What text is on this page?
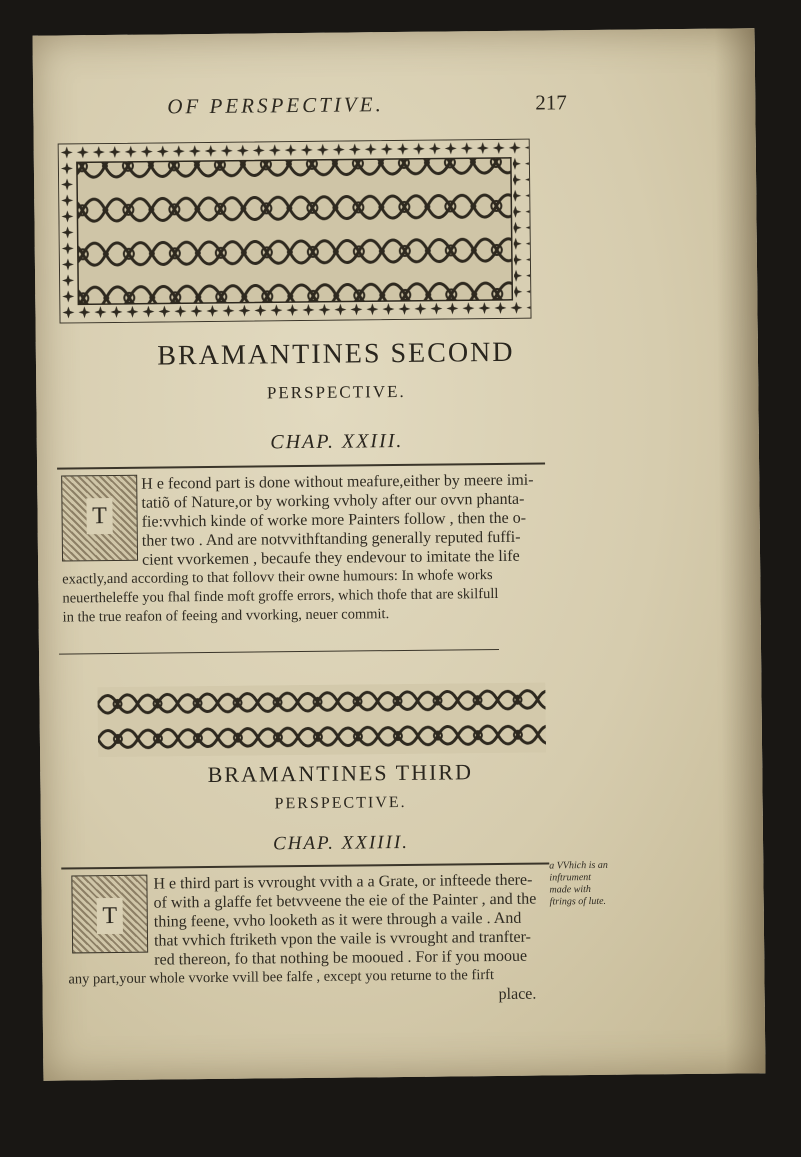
OF PERSPECTIVE.	217
BRAMANTINES SECOND
PERSPECTIVE.
CHAP. XXIII.
T
H e fecond part is done without meafure,either by meere imi-
tatiõ of Nature,or by working vvholy after our ovvn phanta-
fie:vvhich kinde of worke more Painters follow , then the o-
ther two . And are notvvithftanding generally reputed fuffi-
cient vvorkemen , becaufe they endevour to imitate the life
exactly,and according to that follovv their owne humours: In whofe works
neuertheleffe you fhal finde moft groffe errors, which thofe that are skilfull
in the true reafon of feeing and vvorking, neuer commit.
BRAMANTINES THIRD
PERSPECTIVE.
CHAP. XXIIII.
T
H e third part is vvrought vvith a a Grate, or infteede there-
of with a glaffe fet betvveene the eie of the Painter , and the
thing feene, vvho looketh as it were through a vaile . And
that vvhich ftriketh vpon the vaile is vvrought and tranfter-
red thereon, fo that nothing be mooued . For if you mooue
any part,your whole vvorke vvill bee falfe , except you returne to the firft
place.
a VVhich is an inftrument made with ftrings of lute.
